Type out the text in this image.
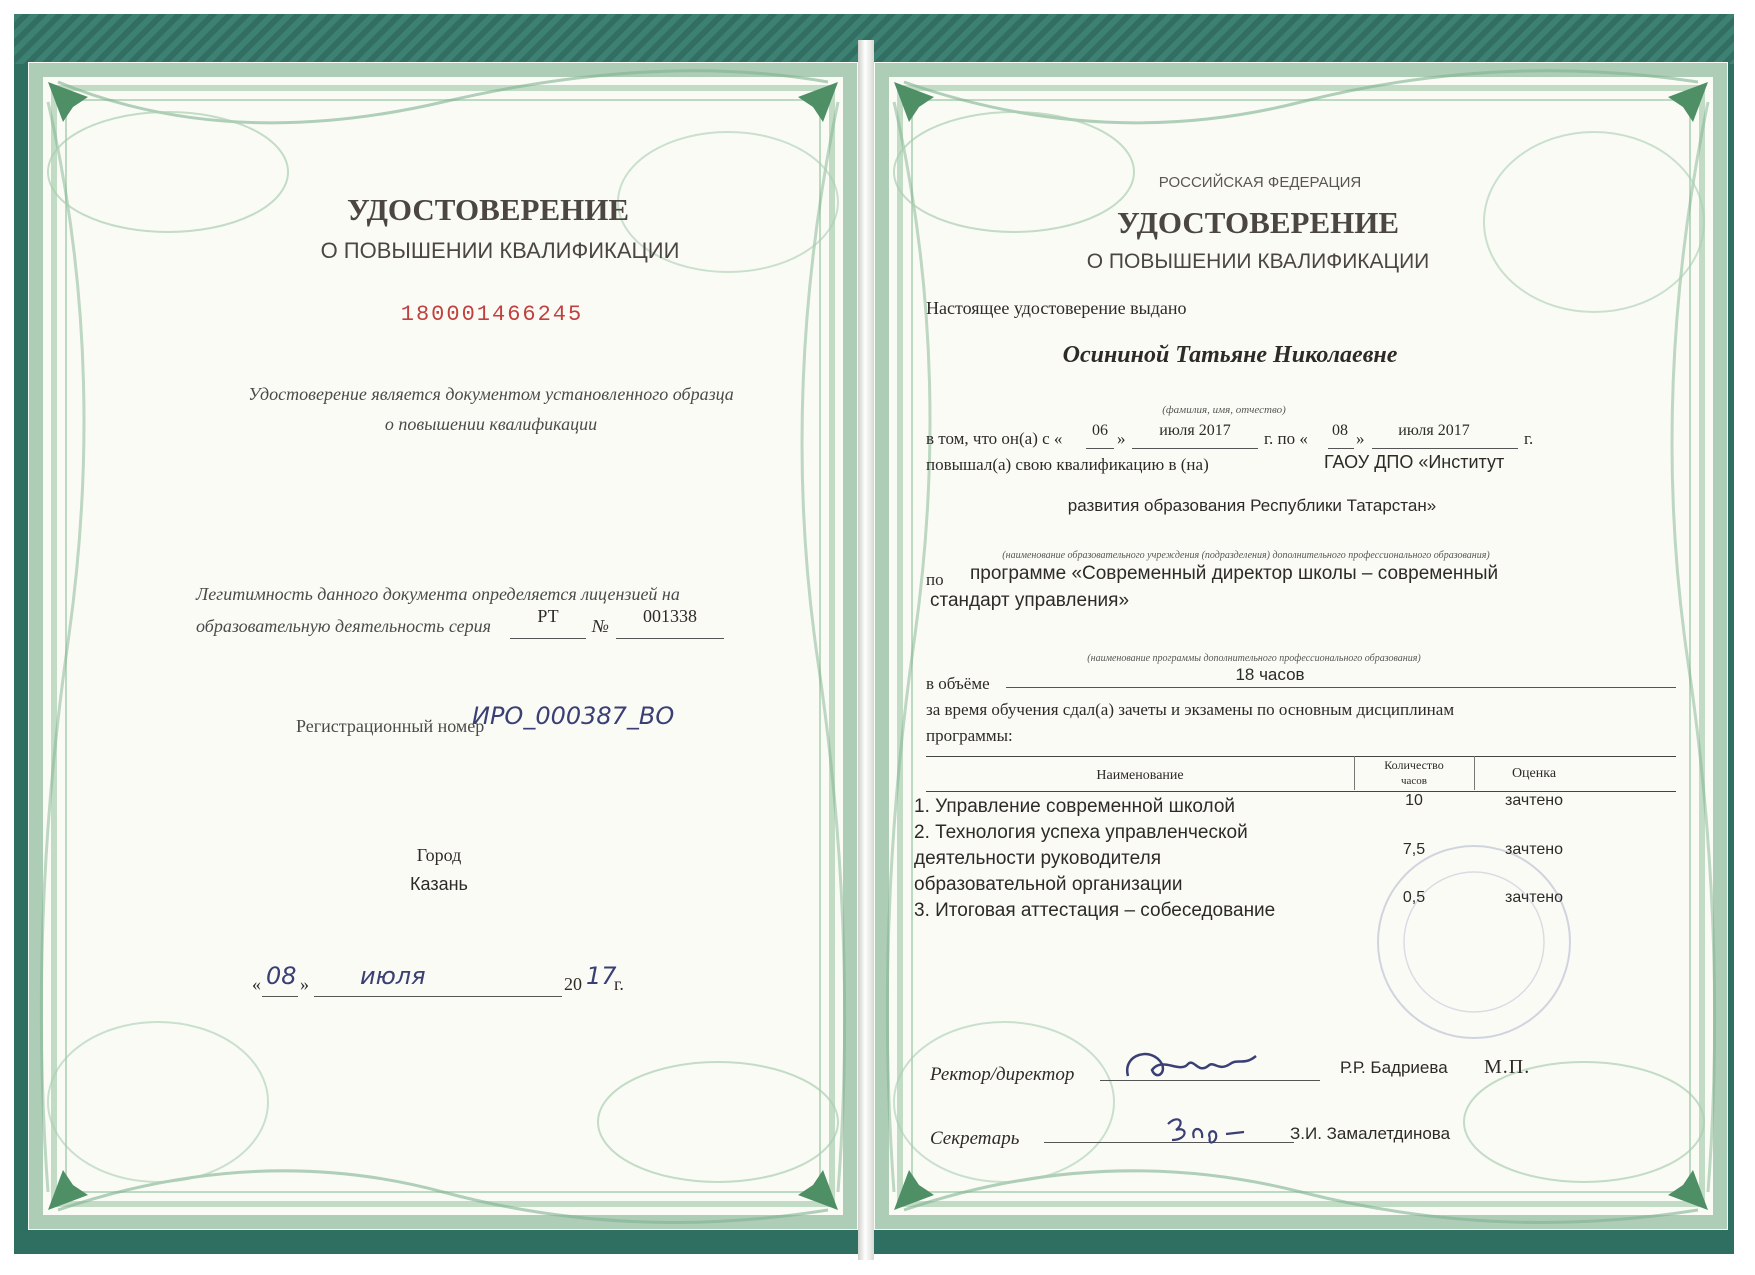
УДОСТОВЕРЕНИЕ
О ПОВЫШЕНИИ КВАЛИФИКАЦИИ
180001466245
Удостоверение является документом установленного образца
о повышении квалификации
Легитимность данного документа определяется лицензией на
образовательную деятельность серия	РТ № 001338
Регистрационный номер
ИРО_000387_ВО
Город
Казань
« 08 » июля	20 17
г.
РОССИЙСКАЯ ФЕДЕРАЦИЯ
УДОСТОВЕРЕНИЕ
О ПОВЫШЕНИИ КВАЛИФИКАЦИИ
Настоящее удостоверение выдано
Осининой Татьяне Николаевне
(фамилия, имя, отчество)
в том, что он(а) с « 06 » июля 2017 г. по « 08 » июля 2017	г.
повышал(а) свою квалификацию в (на)	ГАОУ ДПО «Институт
развития образования Республики Татарстан»
(наименование образовательного учреждения (подразделения) дополнительного профессионального образования)
по программе «Современный директор школы – современный
стандарт управления»
(наименование программы дополнительного профессионального образования)
в объёме	18 часов
за время обучения сдал(а) зачеты и экзамены по основным дисциплинам
программы:
Наименование
Количество
часов	Оценка
1. Управление современной школой	10	зачтено
2. Технология успеха управленческой
деятельности руководителя
образовательной организации
7,5	зачтено
3. Итоговая аттестация – собеседование
0,5	зачтено
Ректор/директор	Р.Р. Бадриева М.П.
Секретарь	З.И. Замалетдинова
